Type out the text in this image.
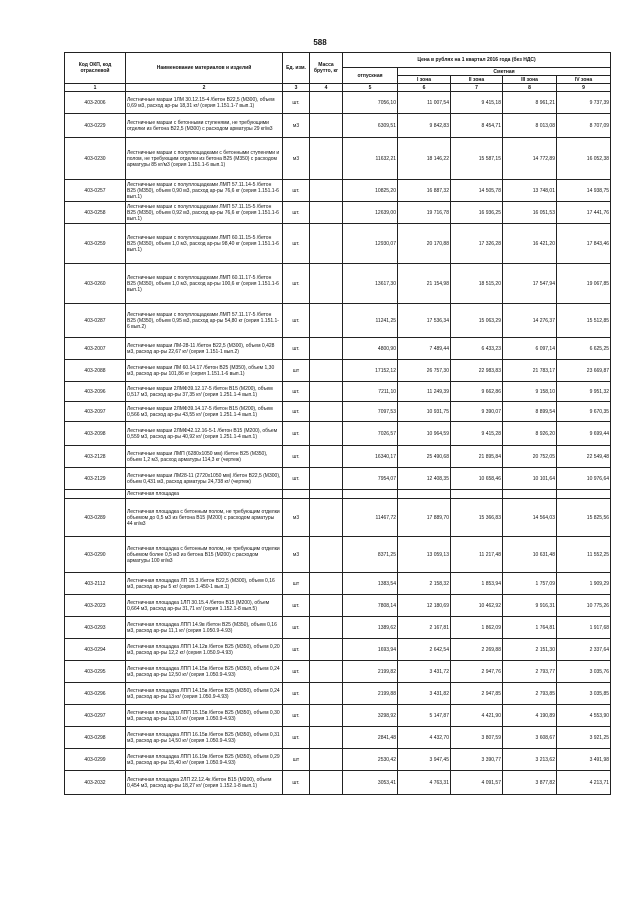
588
Код ОКП, код отраслевой	Наименование материалов и изделий	Ед. изм.	Масса брутто, кг	Цена в рублях на 1 квартал 2016 года (без НДС)				
				отпускная	Сметная			
					I зона	II зона	III зона	IV зона
1	2	3	4	5	6	7	8	9
403-2006	Лестничные марши 1ЛМ 30.12.15-4 /бетон В22,5 (М300), объем 0,69 м3, расход ар-ры 18,31 кг/ (серия 1.151.1-7 вып.1)	шт.		7056,10	11 007,54	9 415,18	8 961,21	9 737,39
403-0229	Лестничные марши с бетонными ступенями, не требующими отделки из бетона В22,5 (М300) с расходом арматуры 29 кг/м3	м3		6309,51	9 842,83	8 454,71	8 013,08	8 707,09
403-0230	Лестничные марши с полуплощадками с бетонными ступенями и полом, не требующим отделки из бетона В25 (М350) с расходом арматуры 85 кг/м3 (серия 1.151.1-6 вып.1)	м3		11632,21	18 146,22	15 587,15	14 772,89	16 052,38
403-0257	Лестничные марши с полуплощадками ЛМП 57.11.14-5 /бетон В25 (М350), объем 0,90 м3, расход ар-ры 76,6 кг (серия 1.151.1-6 вып.1)	шт.		10825,20	16 887,32	14 505,78	13 748,01	14 938,75
403-0258	Лестничные марши с полуплощадками ЛМП 57.11.15-5 /бетон В25 (М350), объем 0,92 м3, расход ар-ры 76,6 кг (серия 1.151.1-6 вып.1)	шт.		12639,00	19 716,78	16 936,25	16 051,53	17 441,76
403-0259	Лестничные марши с полуплощадками ЛМП 60.11.15-5 /бетон В25 (М350), объем 1,0 м3, расход ар-ры 98,40 кг (серия 1.151.1-6 вып.1)	шт.		12930,07	20 170,88	17 326,28	16 421,20	17 843,46
403-0260	Лестничные марши с полуплощадками ЛМП 60.11.17-5 /бетон В25 (М350), объем 1,0 м3, расход ар-ры 100,6 кг (серия 1.151.1-6 вып.1)	шт.		13617,30	21 154,98	18 515,20	17 547,94	19 067,85
403-0287	Лестничные марши с полуплощадками ЛМП 57.11.17-5 /бетон В25 (М350), объем 0,95 м3, расход ар-ры 54,80 кг (серия 1.151.1-6 вып.2)	шт.		11241,25	17 536,34	15 063,29	14 276,37	15 512,85
403-2007	Лестничные марши ЛМ-28-11 /бетон В22,5 (М300), объем 0,428 м3, расход ар-ры 22,67 кг/ (серия 1.151-1 вып.2)	шт.		4800,90	7 489,44	6 433,23	6 097,14	6 625,25
403-2088	Лестничные марши ЛМ 60.14.17 /бетон В25 (М350), объем 1,30 м3, расход ар-ры 101,86 кг (серия 1.151.1-6 вып.1)	шт		17152,12	26 757,30	22 983,83	21 783,17	23 669,87
403-2096	Лестничные марши 2ЛМФ39.12.17-5 /бетон В15 (М200), объем 0,517 м3, расход ар-ры 37,35 кг/ (серия 1.251.1-4 вып.1)	шт.		7211,10	11 249,39	9 662,86	9 158,10	9 951,32
403-2097	Лестничные марши 2ЛМФ39.14.17-5 /бетон В15 (М200), объем 0,566 м3, расход ар-ры 43,55 кг/ (серия 1.251.1-4 вып.1)	шт.		7097,53	10 931,75	9 390,07	8 899,54	9 670,35
403-2098	Лестничные марши 2ЛМФ42.12.16-5-1 /бетон В15 (М200), объем 0,559 м3, расход ар-ры 40,92 кг/ (серия 1.251.1-4 вып.1)	шт.		7026,57	10 964,59	9 415,28	8 926,20	9 699,44
403-2128	Лестничные марши ЛМП (6280х1050 мм) /бетон В25 (М350), объем 1,2 м3, расход арматуры 114,3 кг (чертеж)	шт.		16340,17	25 490,68	21 895,84	20 752,05	22 549,48
403-2129	Лестничные марши ЛМ28-11 (2720х1050 мм) /бетон В22,5 (М300), объем 0,431 м3, расход арматуры 24,738 кг/ (чертеж)	шт.		7954,07	12 408,35	10 658,46	10 101,64	10 976,64
	Лестничная площадка							
403-0289	Лестничная площадка с бетонным полом, не требующим отделки объемом до 0,5 м3 из бетона В15 (М200) с расходом арматуры 44 кг/м3	м3		11467,72	17 889,70	15 366,83	14 564,03	15 825,56
403-0290	Лестничная площадка с бетонным полом, не требующим отделки объемом более 0,5 м3 из бетона В15 (М200) с расходом арматуры 100 кг/м3	м3		8371,25	13 059,13	11 217,48	10 631,48	11 552,25
403-2112	Лестничная площадка ЛП 15.3 /бетон В22,5 (М300), объем 0,16 м3, расход ар-ры 5 кг/ (серия 1.450-1 вып.1)	шт		1383,54	2 158,32	1 853,94	1 757,09	1 909,29
403-2023	Лестничная площадка 1ЛП 30.15.4 /бетон В15 (М200), объем 0,664 м3, расход ар-ры 31,71 кг/ (серия 1.152.1-8 вып.5)	шт.		7808,14	12 180,69	10 462,92	9 916,31	10 775,26
403-0293	Лестничная площадка ЛПП 14.9в /бетон В25 (М350), объем 0,16 м3, расход ар-ры 11,1 кг/ (серия 1.050.9-4.93)	шт.		1389,62	2 167,81	1 862,09	1 764,81	1 917,68
403-0294	Лестничная площадка ЛПП 14.12в /бетон В25 (М350), объем 0,20 м3, расход ар-ры 12,2 кг/ (серия 1.050.9-4.93)	шт.		1693,94	2 642,54	2 269,88	2 151,30	2 337,64
403-0295	Лестничная площадка ЛПП 14.15в /бетон В25 (М350), объем 0,24 м3, расход ар-ры 12,50 кг/ (серия 1.050.9-4.93)	шт.		2199,82	3 431,72	2 947,76	2 793,77	3 035,76
403-0296	Лестничная площадка ЛПП 14.15в /бетон В25 (М350), объем 0,24 м3, расход ар-ры 13 кг/ (серия 1.050.9-4.93)	шт.		2199,88	3 431,82	2 947,85	2 793,85	3 035,85
403-0297	Лестничная площадка ЛПП 15.15в /бетон В25 (М350), объем 0,30 м3, расход ар-ры 13,10 кг/ (серия 1.050.9-4.93)	шт.		3298,92	5 147,87	4 421,90	4 190,89	4 553,90
403-0298	Лестничная площадка ЛПП 16.15в /бетон В25 (М350), объем 0,31 м3, расход ар-ры 14,50 кг/ (серия 1.050.9-4.93)	шт.		2841,48	4 432,70	3 807,59	3 608,67	3 921,25
403-0299	Лестничная площадка ЛПП 16.19в /бетон В25 (М350), объем 0,29 м3, расход ар-ры 15,40 кг/ (серия 1.050.9-4.93)	шт		2530,42	3 947,45	3 390,77	3 213,62	3 491,98
403-2032	Лестничная площадка 2ЛП 22.12.4к /бетон В15 (М200), объем 0,454 м3, расход ар-ры 18,27 кг/ (серия 1.152.1-8 вып.1)	шт.		3053,41	4 763,31	4 091,57	3 877,82	4 213,71
